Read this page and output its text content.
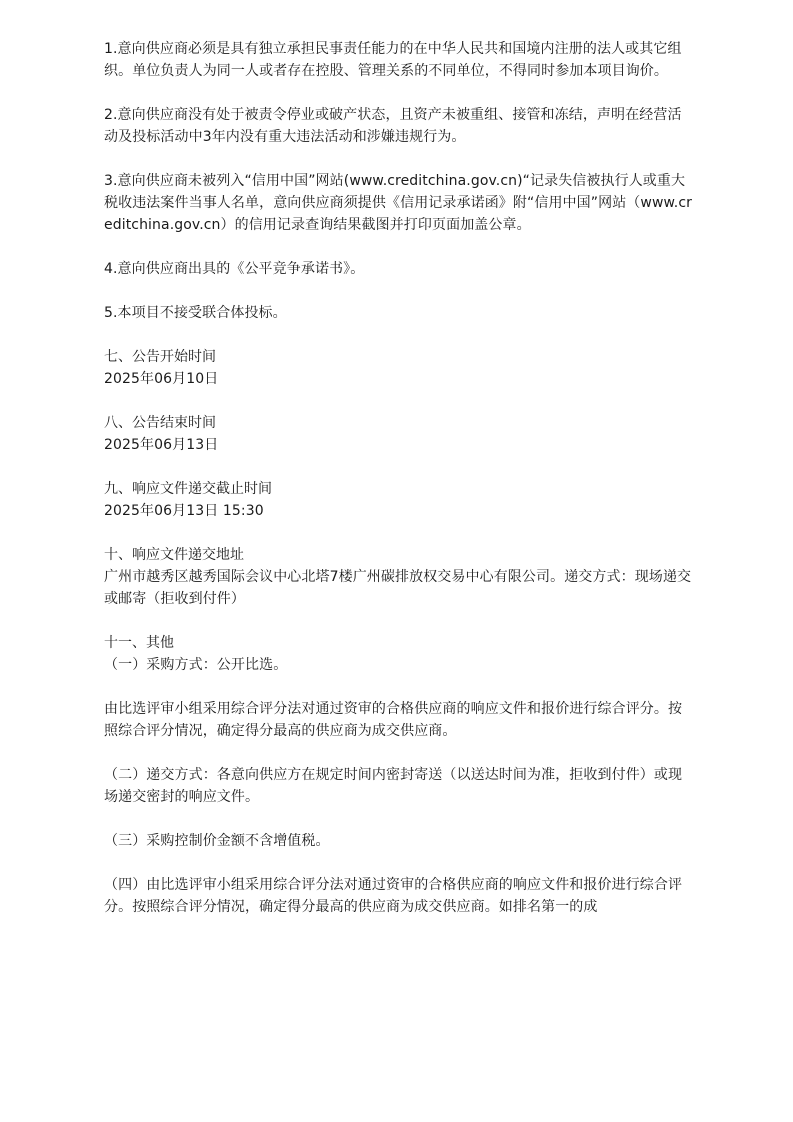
1.意向供应商必须是具有独立承担民事责任能力的在中华人民共和国境内注册的法人或其它组织。单位负责人为同一人或者存在控股、管理关系的不同单位，不得同时参加本项目询价。

2.意向供应商没有处于被责令停业或破产状态，且资产未被重组、接管和冻结，声明在经营活动及投标活动中3年内没有重大违法活动和涉嫌违规行为。

3.意向供应商未被列入“信用中国”网站(www.creditchina.gov.cn)“记录失信被执行人或重大税收违法案件当事人名单，意向供应商须提供《信用记录承诺函》附“信用中国”网站（www.creditchina.gov.cn）的信用记录查询结果截图并打印页面加盖公章。

4.意向供应商出具的《公平竞争承诺书》。

5.本项目不接受联合体投标。

七、公告开始时间

2025年06月10日

八、公告结束时间

2025年06月13日

九、响应文件递交截止时间

2025年06月13日 15:30

十、响应文件递交地址

广州市越秀区越秀国际会议中心北塔7楼广州碳排放权交易中心有限公司。递交方式：现场递交或邮寄（拒收到付件）

十一、其他

（一）采购方式：公开比选。

由比选评审小组采用综合评分法对通过资审的合格供应商的响应文件和报价进行综合评分。按照综合评分情况，确定得分最高的供应商为成交供应商。

（二）递交方式：各意向供应方在规定时间内密封寄送（以送达时间为准，拒收到付件）或现场递交密封的响应文件。

（三）采购控制价金额不含增值税。

（四）由比选评审小组采用综合评分法对通过资审的合格供应商的响应文件和报价进行综合评分。按照综合评分情况，确定得分最高的供应商为成交供应商。如排名第一的成
